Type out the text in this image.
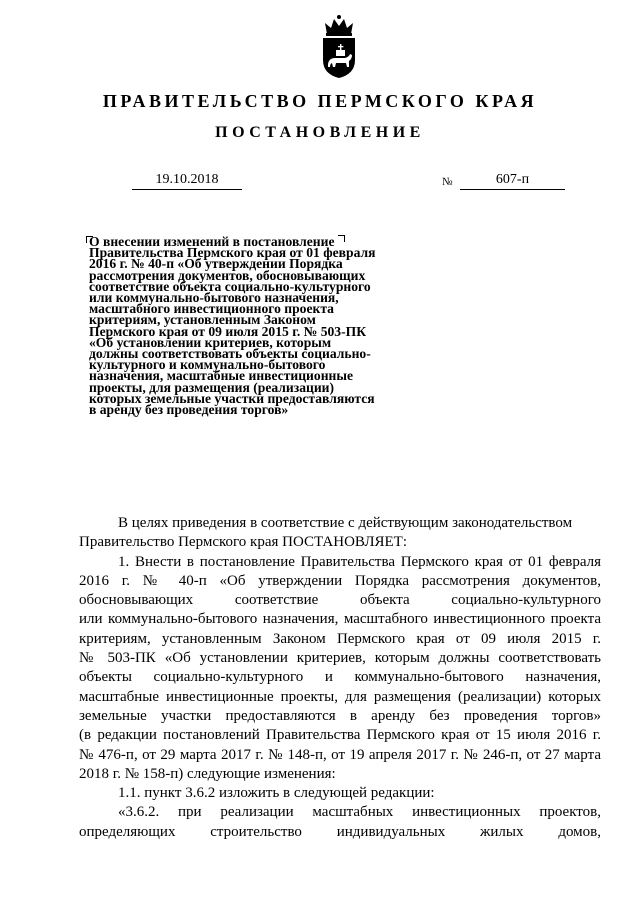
ПРАВИТЕЛЬСТВО ПЕРМСКОГО КРАЯ
ПОСТАНОВЛЕНИЕ
19.10.2018	№	607-п
О внесении изменений в постановление
Правительства Пермского края от 01 февраля
2016 г. № 40-п «Об утверждении Порядка
рассмотрения документов, обосновывающих
соответствие объекта социально-культурного
или коммунально-бытового назначения,
масштабного инвестиционного проекта
критериям, установленным Законом
Пермского края от 09 июля 2015 г. № 503-ПК
«Об установлении критериев, которым
должны соответствовать объекты социально-
культурного и коммунально-бытового
назначения, масштабные инвестиционные
проекты, для размещения (реализации)
которых земельные участки предоставляются
в аренду без проведения торгов»
В целях приведения в соответствие с действующим законодательством
Правительство Пермского края ПОСТАНОВЛЯЕТ:
1. Внести в постановление Правительства Пермского края от 01 февраля
2016 г. № 40-п «Об утверждении Порядка рассмотрения документов,
обосновывающих соответствие объекта социально-культурного
или коммунально-бытового назначения, масштабного инвестиционного проекта
критериям, установленным Законом Пермского края от 09 июля 2015 г.
№ 503-ПК «Об установлении критериев, которым должны соответствовать
объекты социально-культурного и коммунально-бытового назначения,
масштабные инвестиционные проекты, для размещения (реализации) которых
земельные участки предоставляются в аренду без проведения торгов»
(в редакции постановлений Правительства Пермского края от 15 июля 2016 г.
№ 476-п, от 29 марта 2017 г. № 148-п, от 19 апреля 2017 г. № 246-п, от 27 марта
2018 г. № 158-п) следующие изменения:
1.1. пункт 3.6.2 изложить в следующей редакции:
«3.6.2. при реализации масштабных инвестиционных проектов,
определяющих строительство индивидуальных жилых домов,
